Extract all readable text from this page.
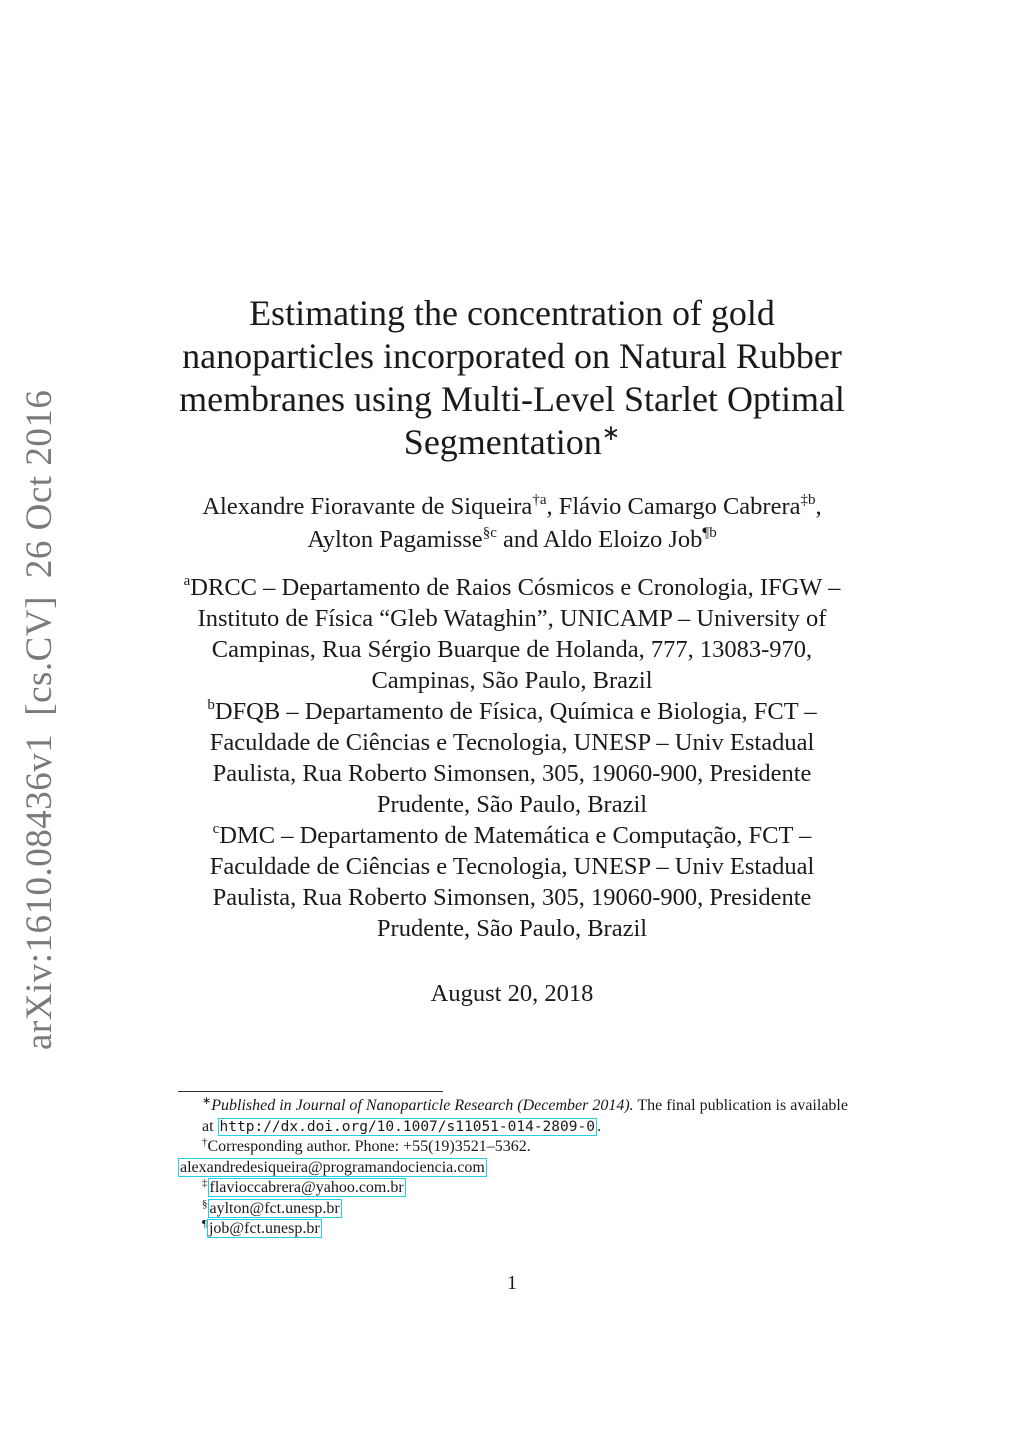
arXiv:1610.08436v1[cs.CV]26 Oct 2016
Estimating the concentration of gold nanoparticles incorporated on Natural Rubber membranes using Multi-Level Starlet Optimal Segmentation∗
Alexandre Fioravante de Siqueira$^{\dagger a}$, Flávio Camargo Cabrera$^{\ddagger b}$, Aylton Pagamisse$^{\S c}$ and Aldo Eloizo Job$^{\P b}$

$^a$DRCC – Departamento de Raios Cósmicos e Cronologia, IFGW – Instituto de Física “Gleb Wataghin”, UNICAMP – University of Campinas, Rua Sérgio Buarque de Holanda, 777, 13083-970, Campinas, São Paulo, Brazil

$^b$DFQB – Departamento de Física, Química e Biologia, FCT – Faculdade de Ciências e Tecnologia, UNESP – Univ Estadual Paulista, Rua Roberto Simonsen, 305, 19060-900, Presidente Prudente, São Paulo, Brazil

$^c$DMC – Departamento de Matemática e Computação, FCT – Faculdade de Ciências e Tecnologia, UNESP – Univ Estadual Paulista, Rua Roberto Simonsen, 305, 19060-900, Presidente Prudente, São Paulo, Brazil

August 20, 2018

∗Published in Journal of Nanoparticle Research (December 2014). The final publication is available at http://dx.doi.org/10.1007/s11051-014-2809-0 .

†Corresponding author. Phone: +55(19)3521–5362.

alexandredesiqueira@programandociencia.com

‡ flavioccabrera@yahoo.com.br

§ aylton@fct.unesp.br

¶ job@fct.unesp.br

1
